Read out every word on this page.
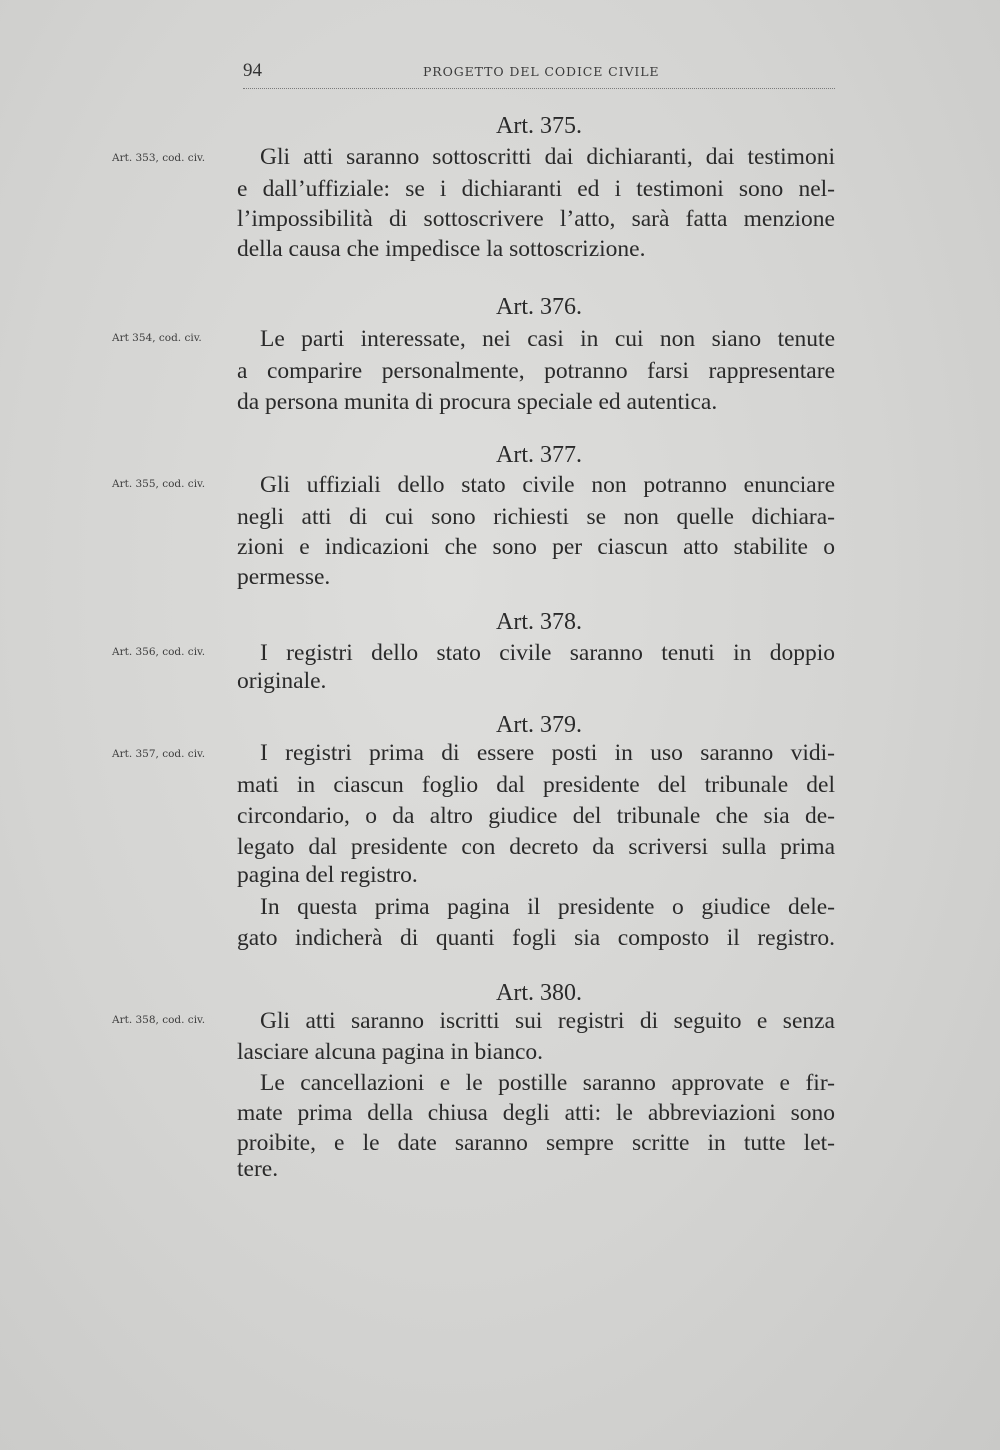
94	PROGETTO DEL CODICE CIVILE
Art. 375.
Art. 353, cod. civ.	Gli atti saranno sottoscritti dai dichiaranti, dai testimoni
e dall’uffiziale: se i dichiaranti ed i testimoni sono nel-
l’impossibilità di sottoscrivere l’atto, sarà fatta menzione
della causa che impedisce la sottoscrizione.
Art. 376.
Art 354, cod. civ.	Le parti interessate, nei casi in cui non siano tenute
a comparire personalmente, potranno farsi rappresentare
da persona munita di procura speciale ed autentica.
Art. 377.
Art. 355, cod. civ.	Gli uffiziali dello stato civile non potranno enunciare
negli atti di cui sono richiesti se non quelle dichiara-
zioni e indicazioni che sono per ciascun atto stabilite o
permesse.
Art. 378.
Art. 356, cod. civ.	I registri dello stato civile saranno tenuti in doppio
originale.
Art. 379.
Art. 357, cod. civ.	I registri prima di essere posti in uso saranno vidi-
mati in ciascun foglio dal presidente del tribunale del
circondario, o da altro giudice del tribunale che sia de-
legato dal presidente con decreto da scriversi sulla prima
pagina del registro.
In questa prima pagina il presidente o giudice dele-
gato indicherà di quanti fogli sia composto il registro.
Art. 380.
Art. 358, cod. civ.	Gli atti saranno iscritti sui registri di seguito e senza
lasciare alcuna pagina in bianco.
Le cancellazioni e le postille saranno approvate e fir-
mate prima della chiusa degli atti: le abbreviazioni sono
proibite, e le date saranno sempre scritte in tutte let-
tere.
